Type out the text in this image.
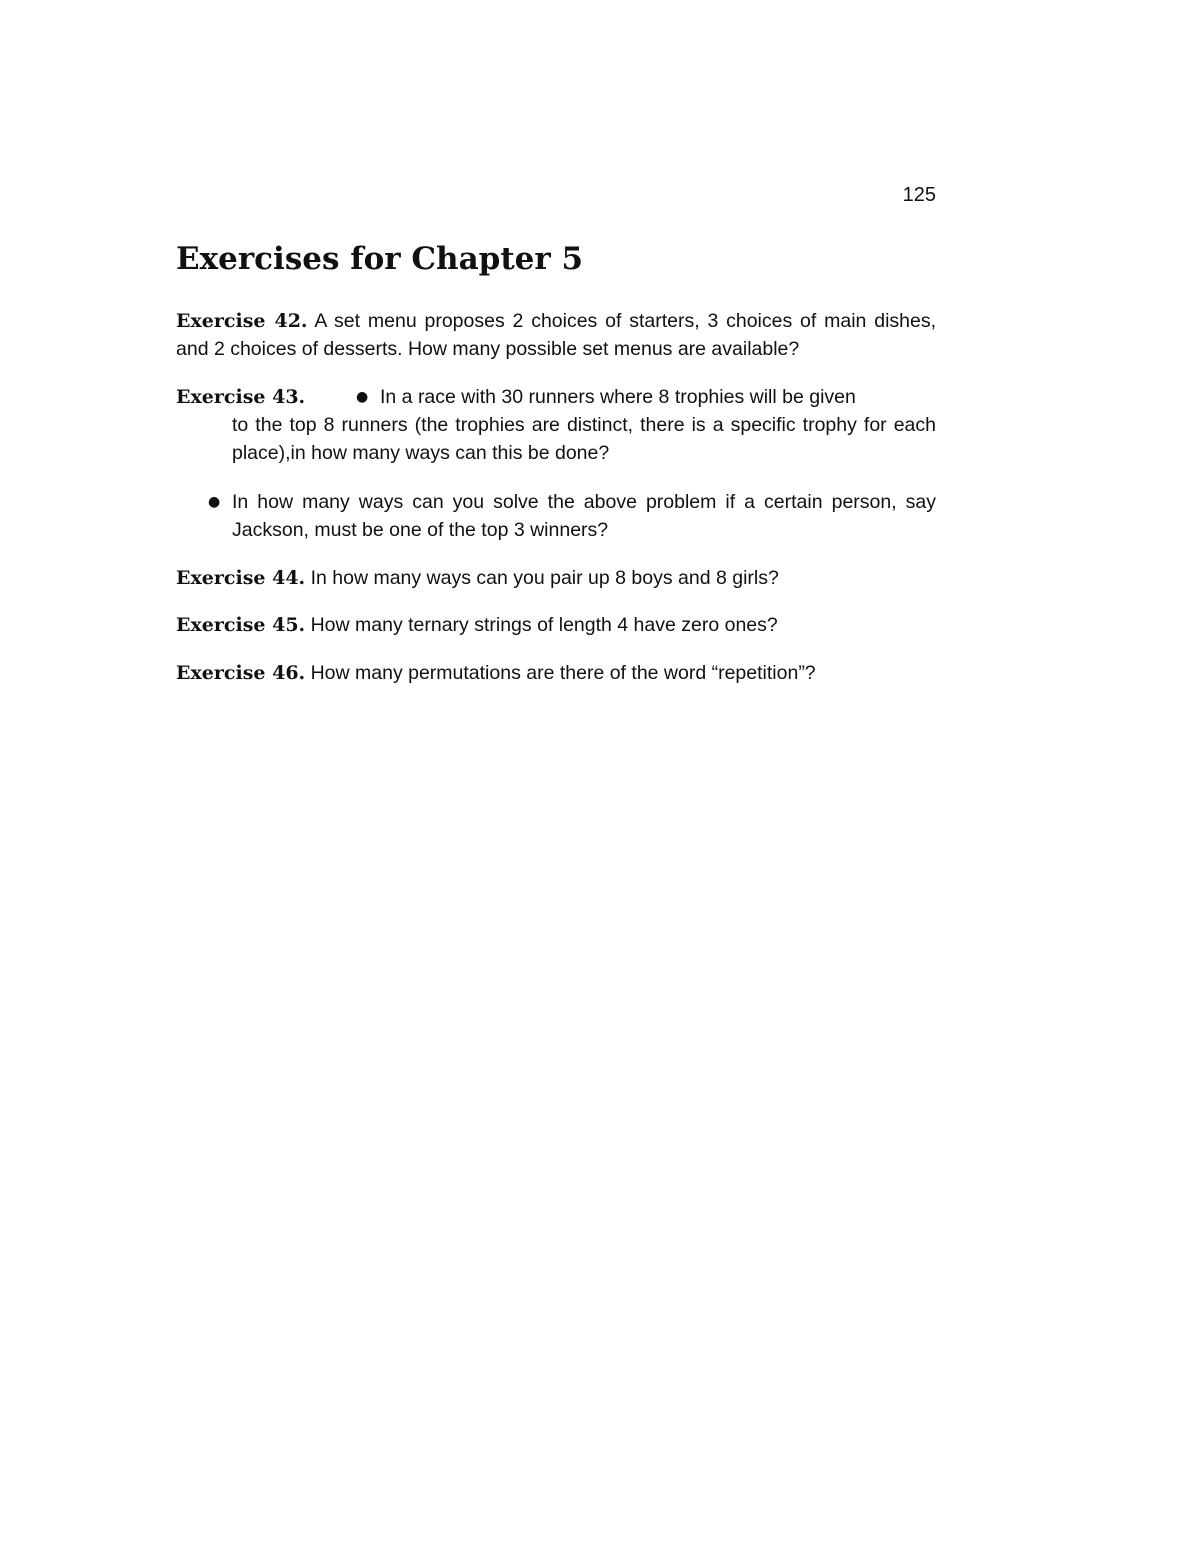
125
Exercises for Chapter 5

Exercise 42. A set menu proposes 2 choices of starters, 3 choices of main dishes, and 2 choices of desserts. How many possible set menus are available?

Exercise 43.	● In a race with 30 runners where 8 trophies will be given

to the top 8 runners (the trophies are distinct, there is a specific trophy for each place),in how many ways can this be done?

● In how many ways can you solve the above problem if a certain person, say Jackson, must be one of the top 3 winners?

Exercise 44. In how many ways can you pair up 8 boys and 8 girls?

Exercise 45. How many ternary strings of length 4 have zero ones?

Exercise 46. How many permutations are there of the word “repetition”?
